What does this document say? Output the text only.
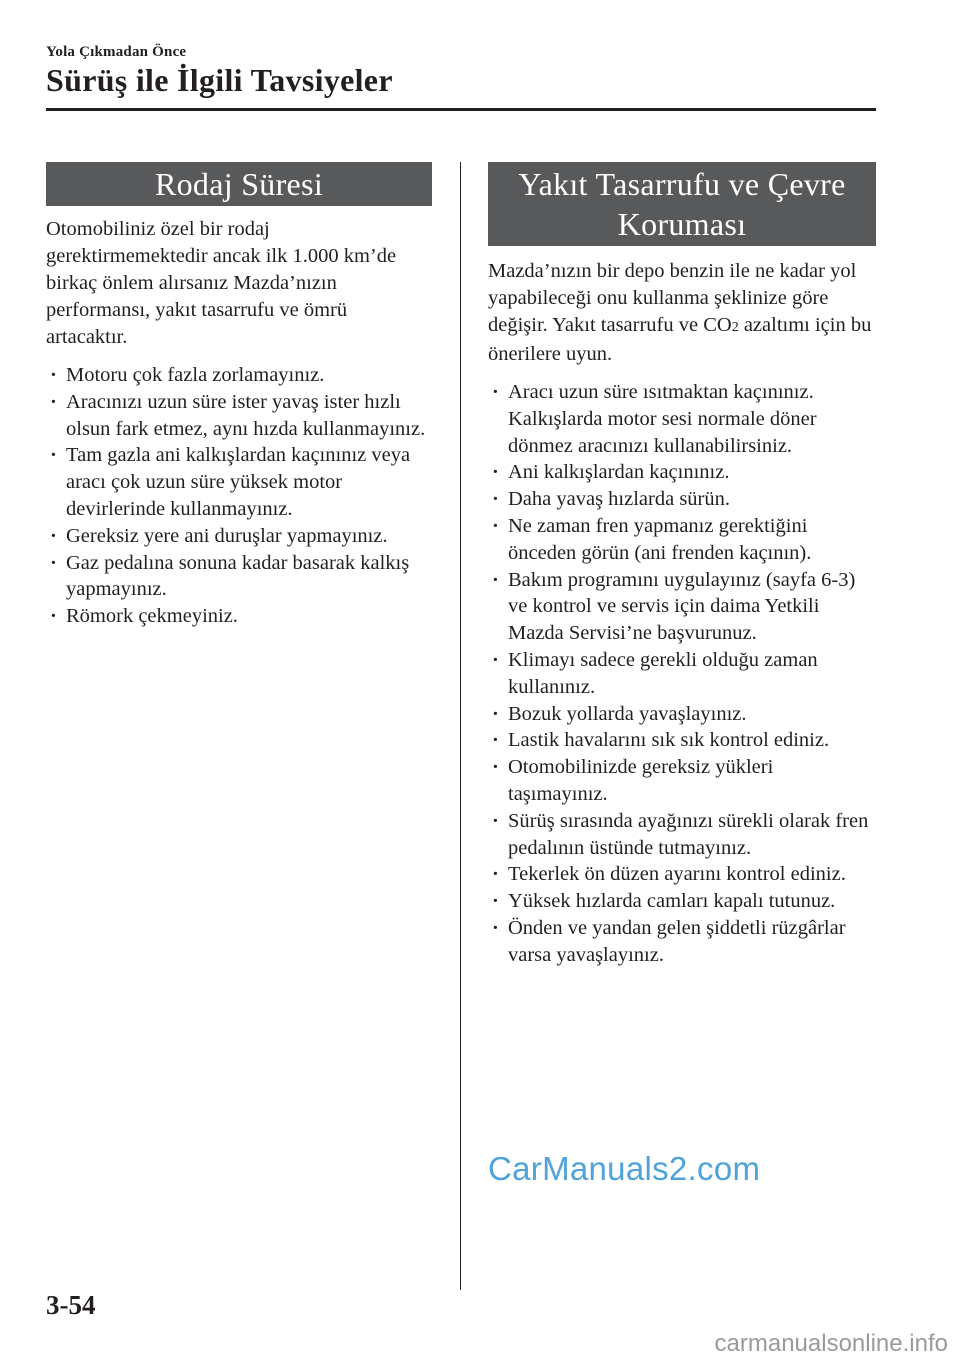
Yola Çıkmadan Önce
Sürüş ile İlgili Tavsiyeler
Rodaj Süresi
Otomobiliniz özel bir rodaj gerektirmemektedir ancak ilk 1.000 km’de birkaç önlem alırsanız Mazda’nızın performansı, yakıt tasarrufu ve ömrü artacaktır.
· Motoru çok fazla zorlamayınız.
· Aracınızı uzun süre ister yavaş ister hızlı olsun fark etmez, aynı hızda kullanmayınız.
· Tam gazla ani kalkışlardan kaçınınız veya aracı çok uzun süre yüksek motor devirlerinde kullanmayınız.
· Gereksiz yere ani duruşlar yapmayınız.
· Gaz pedalına sonuna kadar basarak kalkış yapmayınız.
· Römork çekmeyiniz.
Yakıt Tasarrufu ve Çevre
Koruması
Mazda’nızın bir depo benzin ile ne kadar yol yapabileceği onu kullanma şeklinize göre değişir. Yakıt tasarrufu ve CO2 azaltımı için bu önerilere uyun.
· Aracı uzun süre ısıtmaktan kaçınınız. Kalkışlarda motor sesi normale döner dönmez aracınızı kullanabilirsiniz.
· Ani kalkışlardan kaçınınız.
· Daha yavaş hızlarda sürün.
· Ne zaman fren yapmanız gerektiğini önceden görün (ani frenden kaçının).
· Bakım programını uygulayınız (sayfa 6-3) ve kontrol ve servis için daima Yetkili Mazda Servisi’ne başvurunuz.
· Klimayı sadece gerekli olduğu zaman kullanınız.
· Bozuk yollarda yavaşlayınız.
· Lastik havalarını sık sık kontrol ediniz.
· Otomobilinizde gereksiz yükleri taşımayınız.
· Sürüş sırasında ayağınızı sürekli olarak fren pedalının üstünde tutmayınız.
· Tekerlek ön düzen ayarını kontrol ediniz.
· Yüksek hızlarda camları kapalı tutunuz.
· Önden ve yandan gelen şiddetli rüzgârlar varsa yavaşlayınız.
CarManuals2.com
3-54
carmanualsonline.info
